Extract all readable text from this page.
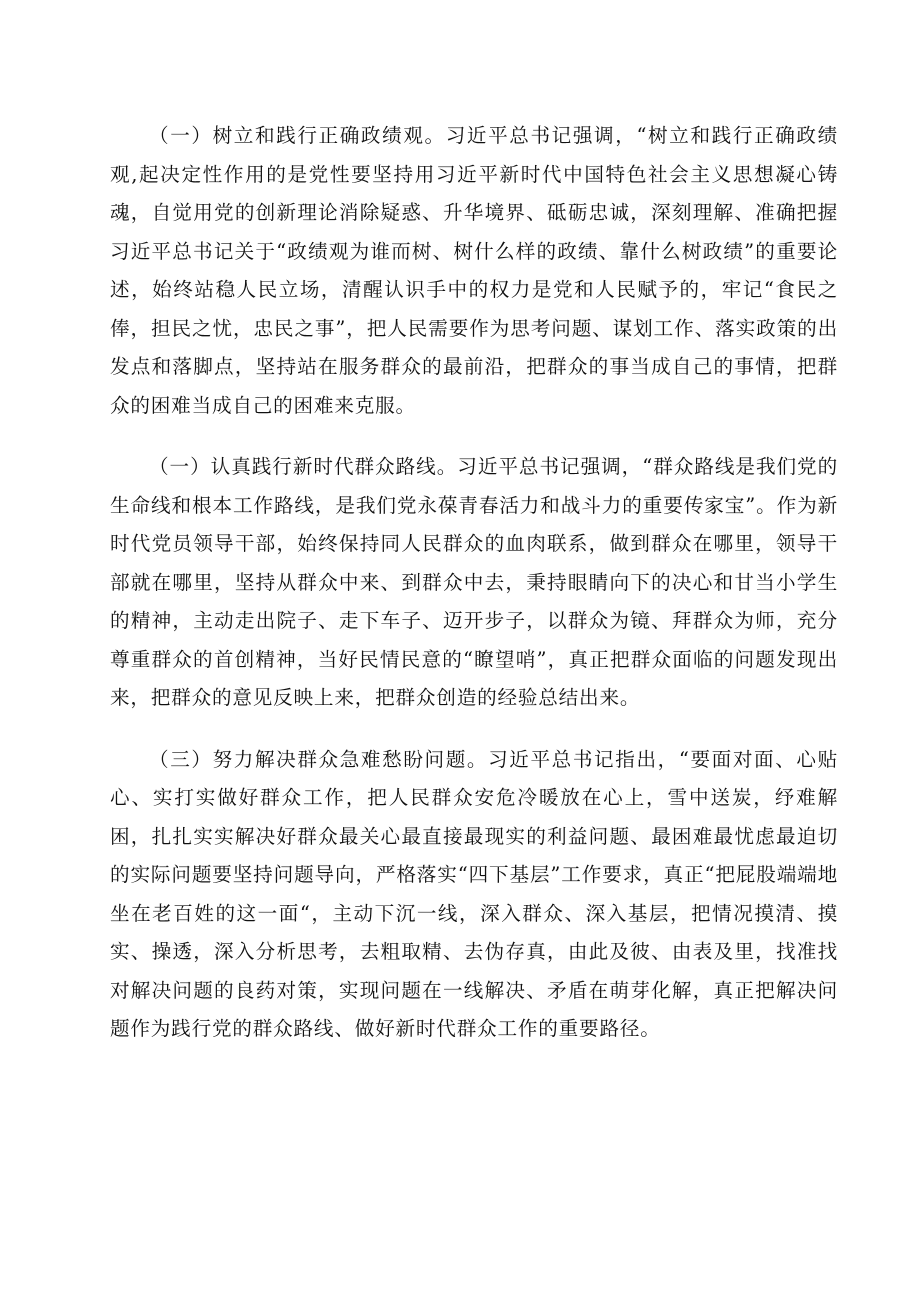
（一）树立和践行正确政绩观。习近平总书记强调，“树立和践行正确政绩观,起决定性作用的是党性要坚持用习近平新时代中国特色社会主义思想凝心铸魂，自觉用党的创新理论消除疑惑、升华境界、砥砺忠诚，深刻理解、准确把握习近平总书记关于“政绩观为谁而树、树什么样的政绩、靠什么树政绩”的重要论述，始终站稳人民立场，清醒认识手中的权力是党和人民赋予的，牢记“食民之俸，担民之忧，忠民之事”，把人民需要作为思考问题、谋划工作、落实政策的出发点和落脚点，坚持站在服务群众的最前沿，把群众的事当成自己的事情，把群众的困难当成自己的困难来克服。

（一）认真践行新时代群众路线。习近平总书记强调，“群众路线是我们党的生命线和根本工作路线，是我们党永葆青春活力和战斗力的重要传家宝”。作为新时代党员领导干部，始终保持同人民群众的血肉联系，做到群众在哪里，领导干部就在哪里，坚持从群众中来、到群众中去，秉持眼睛向下的决心和甘当小学生的精神，主动走出院子、走下车子、迈开步子，以群众为镜、拜群众为师，充分尊重群众的首创精神，当好民情民意的“瞭望哨”，真正把群众面临的问题发现出来，把群众的意见反映上来，把群众创造的经验总结出来。

（三）努力解决群众急难愁盼问题。习近平总书记指出，“要面对面、心贴心、实打实做好群众工作，把人民群众安危冷暖放在心上，雪中送炭，纾难解困，扎扎实实解决好群众最关心最直接最现实的利益问题、最困难最忧虑最迫切的实际问题要坚持问题导向，严格落实“四下基层”工作要求，真正“把屁股端端地坐在老百姓的这一面“，主动下沉一线，深入群众、深入基层，把情况摸清、摸实、操透，深入分析思考，去粗取精、去伪存真，由此及彼、由表及里，找准找对解决问题的良药对策，实现问题在一线解决、矛盾在萌芽化解，真正把解决问题作为践行党的群众路线、做好新时代群众工作的重要路径。
